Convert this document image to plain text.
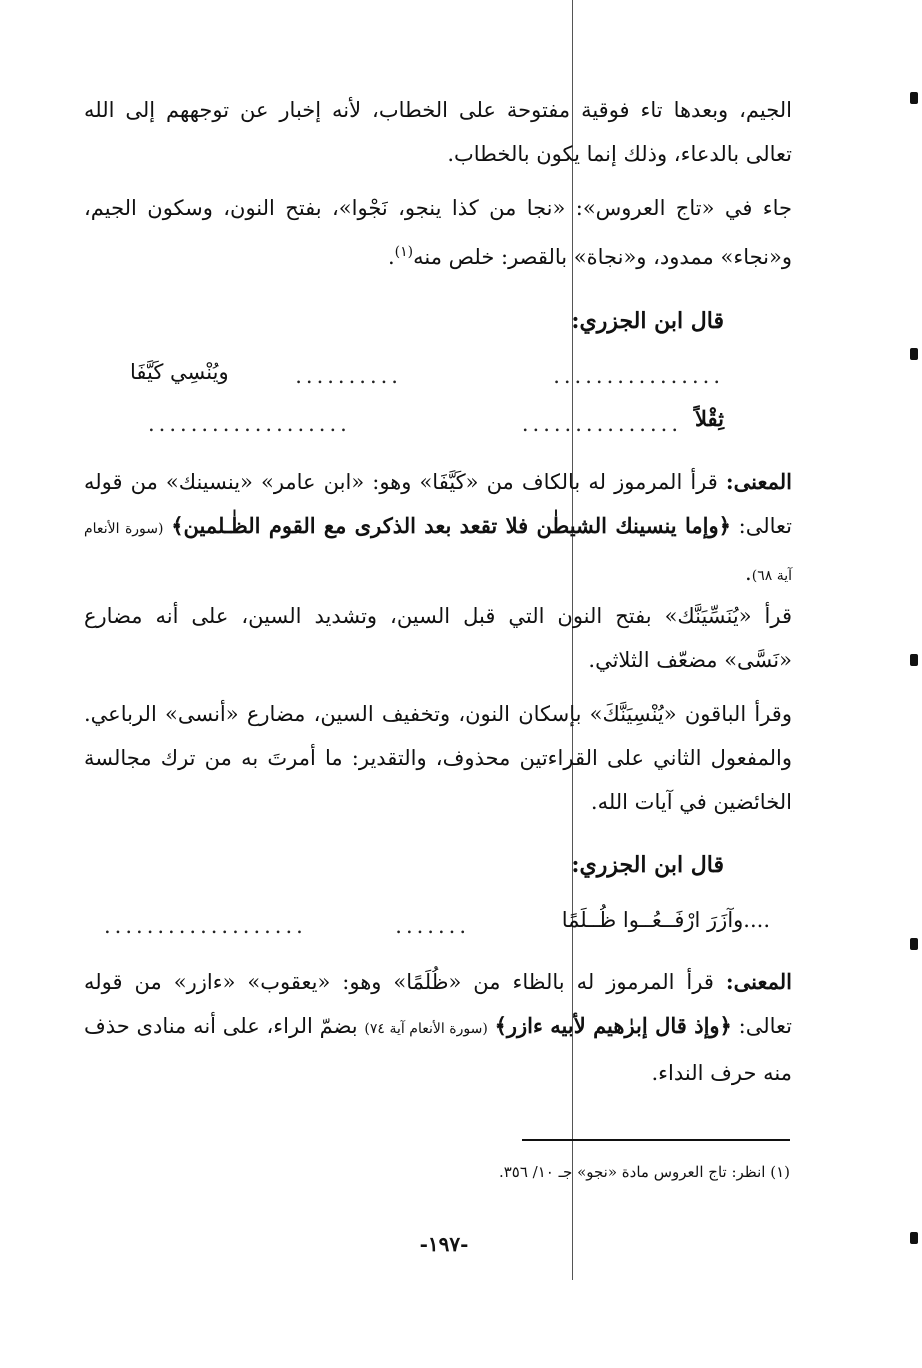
الجيم، وبعدها تاء فوقية مفتوحة على الخطاب، لأنه إخبار عن توجههم إلى الله تعالى بالدعاء، وذلك إنما يكون بالخطاب.
جاء في «تاج العروس»: «نجا من كذا ينجو، نَجْوا»، بفتح النون، وسكون الجيم، و«نجاء» ممدود، و«نجاة» بالقصر: خلص منه$^{(١)}$.
قال ابن الجزري:
................
..........
ويُنْسِي كَيَّفَا
ثِقْلاً
...............
...................
المعنى: قرأ المرموز له بالكاف من «كَيَّفَا» وهو: «ابن عامر» «ينسينك» من قوله تعالى: ﴿وإما ينسينك الشيطٰن فلا تقعد بعد الذكرى مع القوم الظٰـلمين﴾ (سورة الأنعام آية ٦٨).
قرأ «يُنَسِّيَنَّك» بفتح النون التي قبل السين، وتشديد السين، على أنه مضارع «نَسَّى» مضعّف الثلاثي.
وقرأ الباقون «يُنْسِيَنَّكَ» بإسكان النون، وتخفيف السين، مضارع «أنسى» الرباعي. والمفعول الثاني على القراءتين محذوف، والتقدير: ما أمرتَ به من ترك مجالسة الخائضين في آيات الله.
قال ابن الجزري:
....وآزَرَ ارْفَــعُــوا ظُــلَمًا
.......
...................
المعنى: قرأ المرموز له بالظاء من «ظُلَمًا» وهو: «يعقوب» «ءازر» من قوله تعالى: ﴿وإذ قال إبرٰهيم لأبيه ءازر﴾ (سورة الأنعام آية ٧٤) بضمّ الراء، على أنه منادى حذف منه حرف النداء.
(١) انظر: تاج العروس مادة «نجو» جـ ١٠/ ٣٥٦.
-١٩٧-
